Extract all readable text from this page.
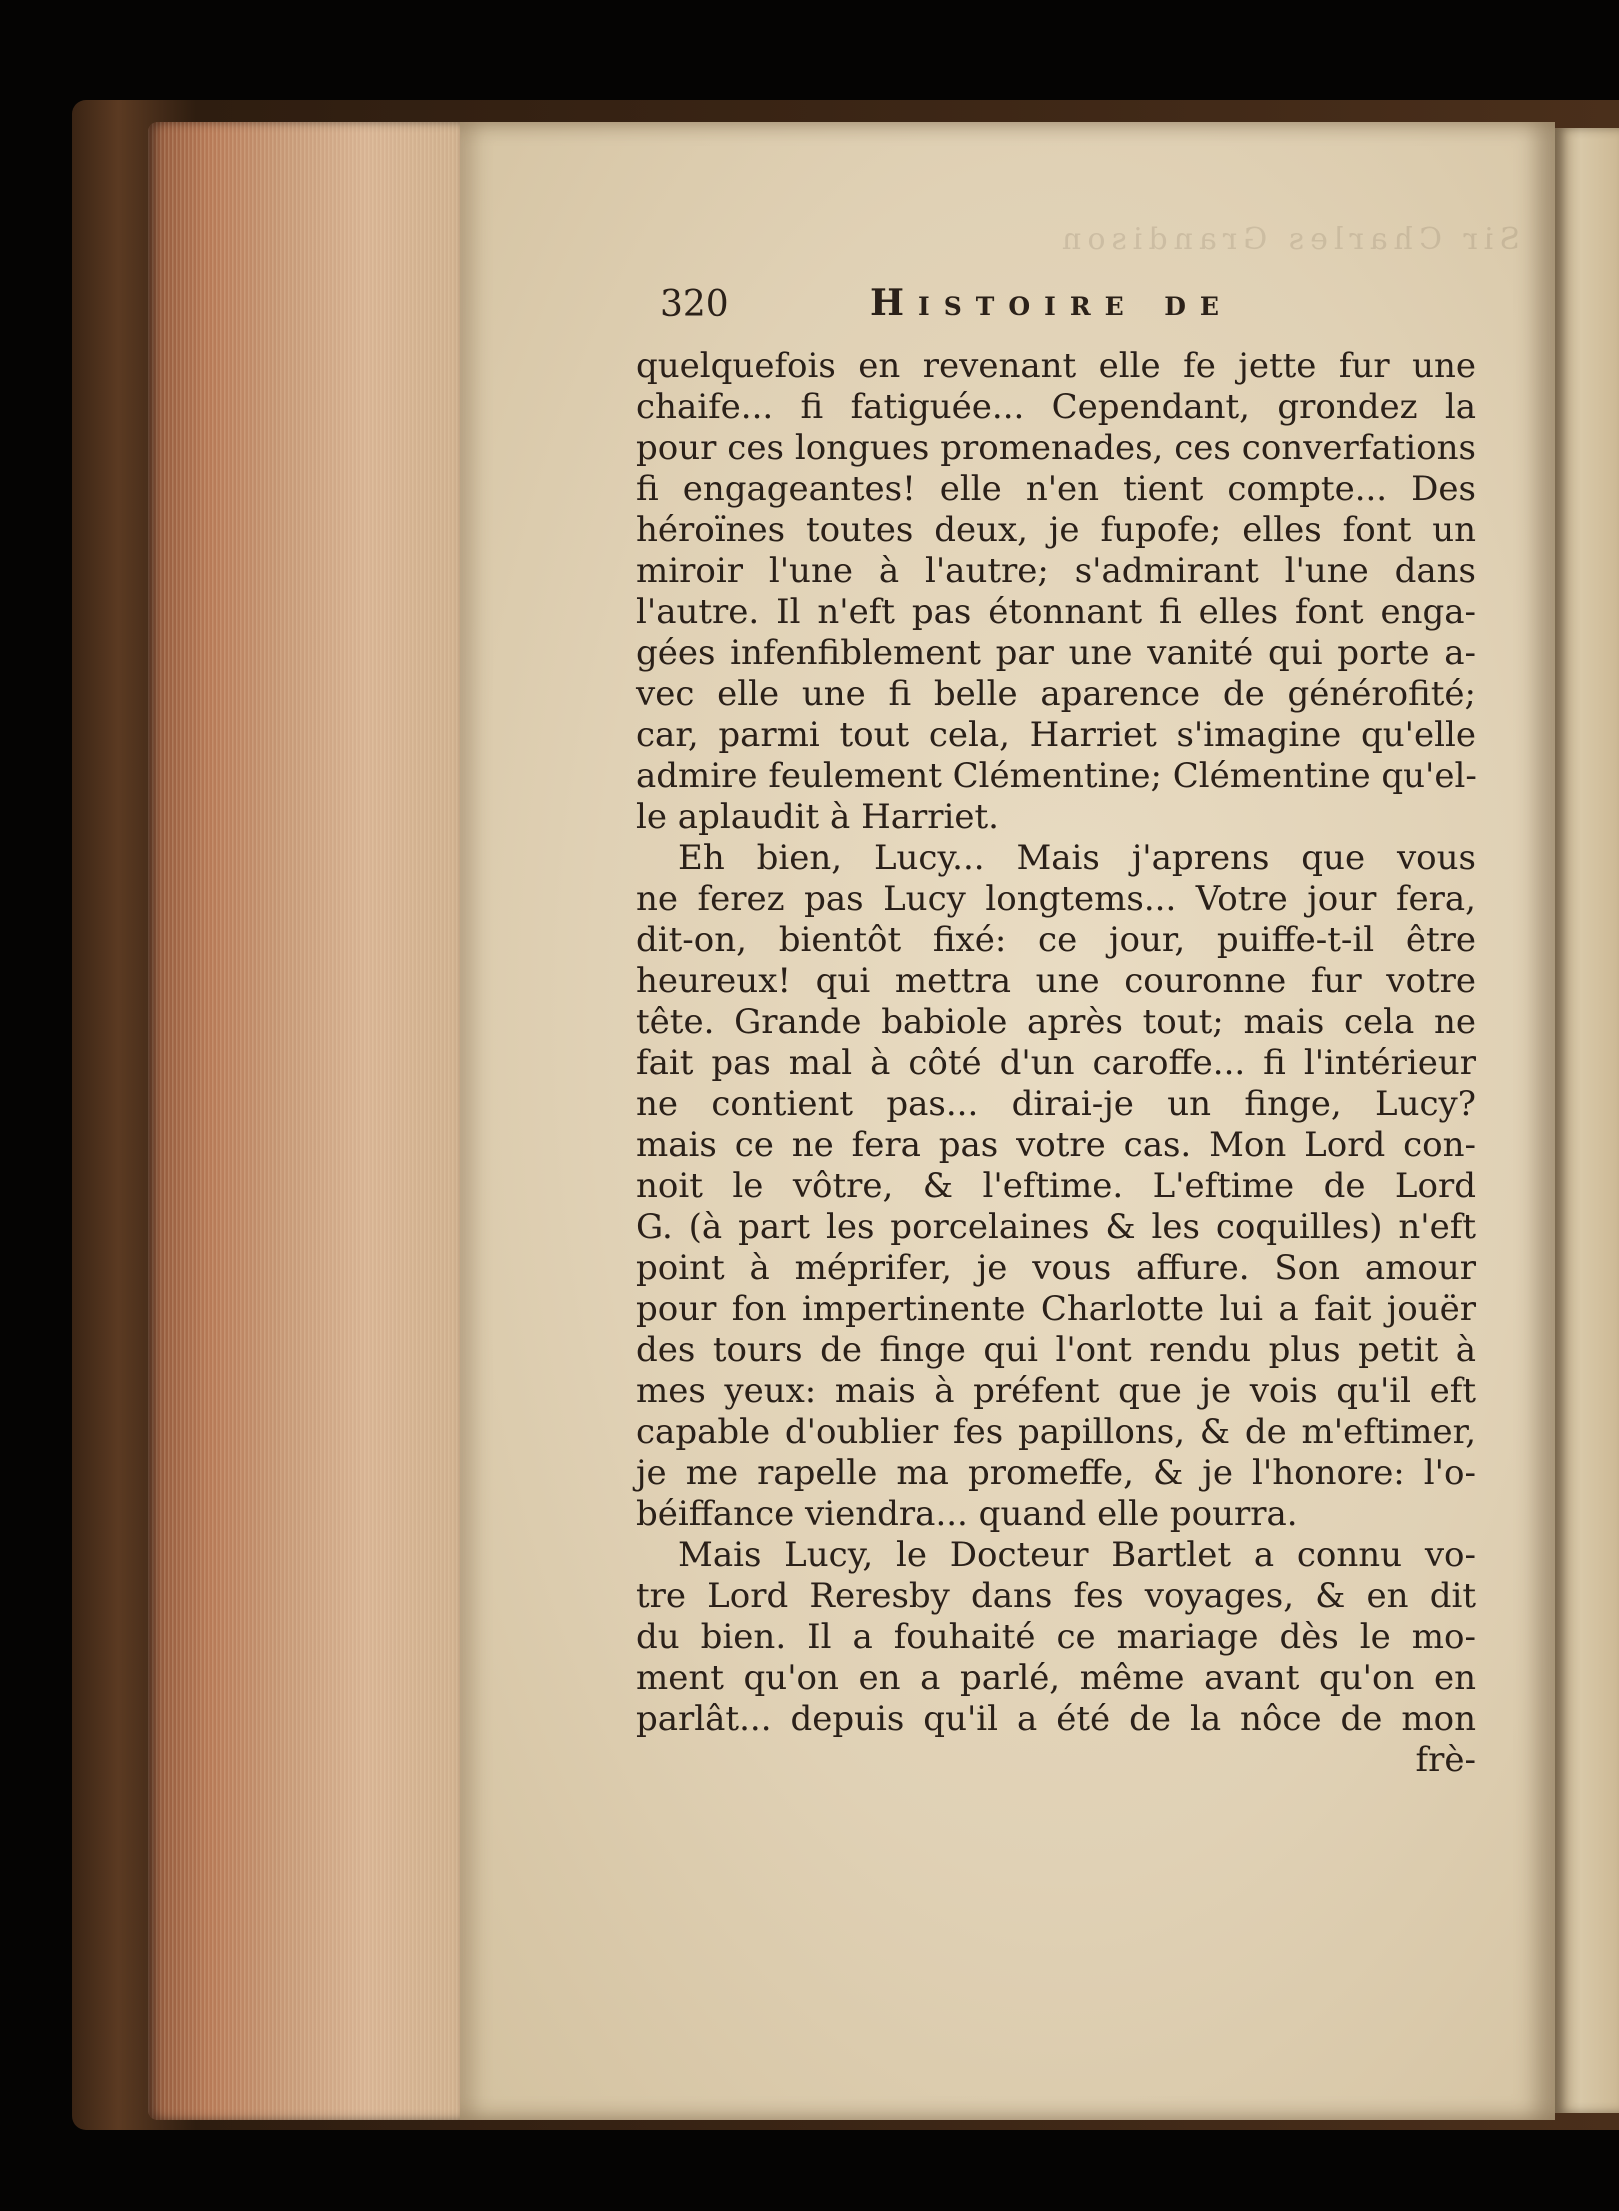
Sir Charles Grandison
320	Histoire de
quelquefois en revenant elle fe jette fur une
chaife... fi fatiguée... Cependant, grondez la
pour ces longues promenades, ces converfations
fi engageantes! elle n'en tient compte... Des
héroïnes toutes deux, je fupofe; elles font un
miroir l'une à l'autre; s'admirant l'une dans
l'autre. Il n'eft pas étonnant fi elles font enga-
gées infenfiblement par une vanité qui porte a-
vec elle une fi belle aparence de générofité;
car, parmi tout cela, Harriet s'imagine qu'elle
admire feulement Clémentine; Clémentine qu'el-
le aplaudit à Harriet.
Eh bien, Lucy... Mais j'aprens que vous
ne ferez pas Lucy longtems... Votre jour fera,
dit-on, bientôt fixé: ce jour, puiffe-t-il être
heureux! qui mettra une couronne fur votre
tête. Grande babiole après tout; mais cela ne
fait pas mal à côté d'un caroffe... fi l'intérieur
ne contient pas... dirai-je un finge, Lucy?
mais ce ne fera pas votre cas. Mon Lord con-
noit le vôtre, & l'eftime. L'eftime de Lord
G. (à part les porcelaines & les coquilles) n'eft
point à méprifer, je vous affure. Son amour
pour fon impertinente Charlotte lui a fait jouër
des tours de finge qui l'ont rendu plus petit à
mes yeux: mais à préfent que je vois qu'il eft
capable d'oublier fes papillons, & de m'eftimer,
je me rapelle ma promeffe, & je l'honore: l'o-
béiffance viendra... quand elle pourra.
Mais Lucy, le Docteur Bartlet a connu vo-
tre Lord Reresby dans fes voyages, & en dit
du bien. Il a fouhaité ce mariage dès le mo-
ment qu'on en a parlé, même avant qu'on en
parlât... depuis qu'il a été de la nôce de mon
frè-
